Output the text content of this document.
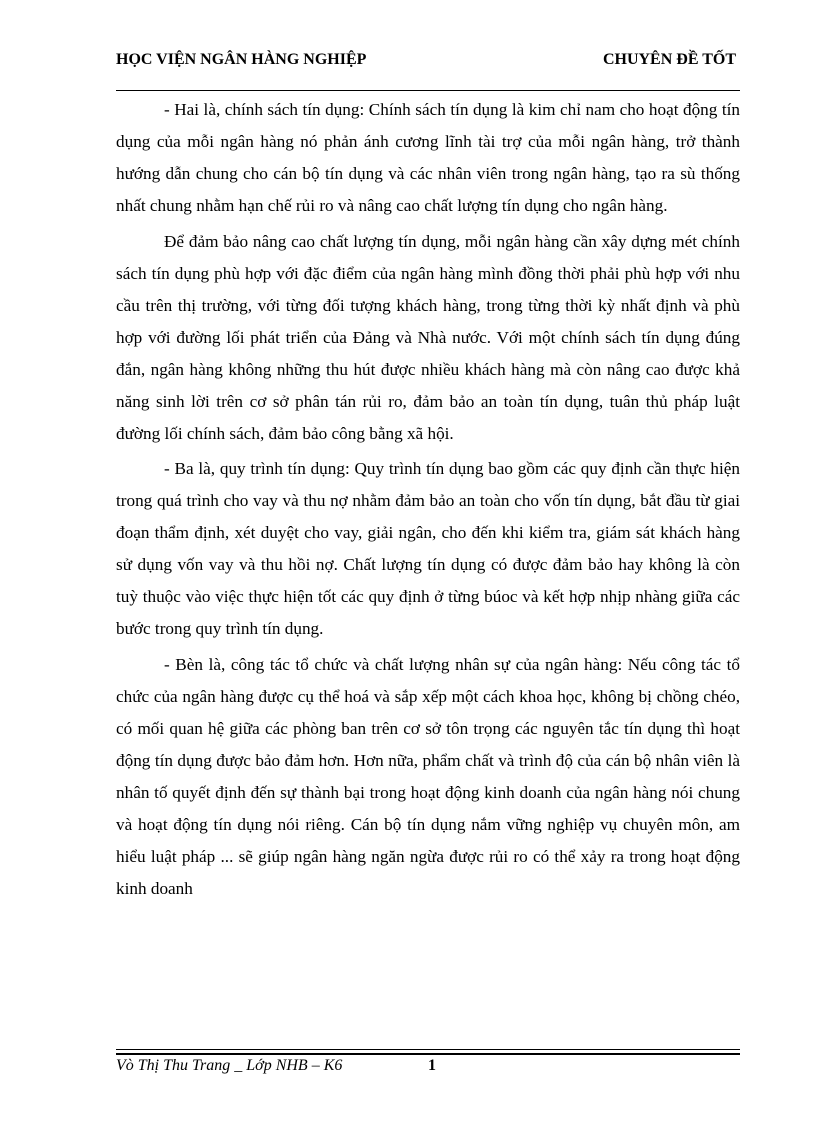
HỌC VIỆN NGÂN HÀNG NGHIỆP	CHUYÊN ĐỀ TỐT

- Hai là, chính sách tín dụng: Chính sách tín dụng là kim chỉ nam cho hoạt động tín dụng của mỗi ngân hàng nó phản ánh cương lĩnh tài trợ của mỗi ngân hàng, trở thành hướng dẫn chung cho cán bộ tín dụng và các nhân viên trong ngân hàng, tạo ra sù thống nhất chung nhằm hạn chế rủi ro và nâng cao chất lượng tín dụng cho ngân hàng.

Để đảm bảo nâng cao chất lượng tín dụng, mỗi ngân hàng cần xây dựng mét chính sách tín dụng phù hợp với đặc điểm của ngân hàng mình đồng thời phải phù hợp với nhu cầu trên thị trường, với từng đối tượng khách hàng, trong từng thời kỳ nhất định và phù hợp với đường lối phát triển của Đảng và Nhà nước. Với một chính sách tín dụng đúng đắn, ngân hàng không những thu hút được nhiều khách hàng mà còn nâng cao được khả năng sinh lời trên cơ sở phân tán rủi ro, đảm bảo an toàn tín dụng, tuân thủ pháp luật đường lối chính sách, đảm bảo công bằng xã hội.

- Ba là, quy trình tín dụng: Quy trình tín dụng bao gồm các quy định cần thực hiện trong quá trình cho vay và thu nợ nhằm đảm bảo an toàn cho vốn tín dụng, bắt đầu từ giai đoạn thẩm định, xét duyệt cho vay, giải ngân, cho đến khi kiểm tra, giám sát khách hàng sử dụng vốn vay và thu hồi nợ. Chất lượng tín dụng có được đảm bảo hay không là còn tuỳ thuộc vào việc thực hiện tốt các quy định ở từng búoc và kết hợp nhịp nhàng giữa các bước trong quy trình tín dụng.

- Bèn là, công tác tổ chức và chất lượng nhân sự của ngân hàng: Nếu công tác tổ chức của ngân hàng được cụ thể hoá và sắp xếp một cách khoa học, không bị chồng chéo, có mối quan hệ giữa các phòng ban trên cơ sở tôn trọng các nguyên tắc tín dụng thì hoạt động tín dụng được bảo đảm hơn. Hơn nữa, phẩm chất và trình độ của cán bộ nhân viên là nhân tố quyết định đến sự thành bại trong hoạt động kinh doanh của ngân hàng nói chung và hoạt động tín dụng nói riêng. Cán bộ tín dụng nắm vững nghiệp vụ chuyên môn, am hiểu luật pháp ... sẽ giúp ngân hàng ngăn ngừa được rủi ro có thể xảy ra trong hoạt động kinh doanh

Vò Thị Thu Trang _ Lớp NHB – K6	1
